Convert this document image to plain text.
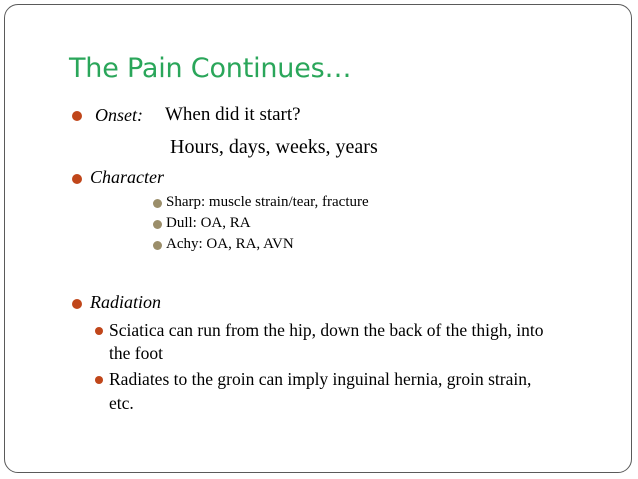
The Pain Continues…
Onset: When did it start?
Hours, days, weeks, years
Character
Sharp: muscle strain/tear, fracture
Dull: OA, RA
Achy: OA, RA, AVN
Radiation
Sciatica can run from the hip, down the back of the thigh, into
the foot
Radiates to the groin can imply inguinal hernia, groin strain,
etc.
